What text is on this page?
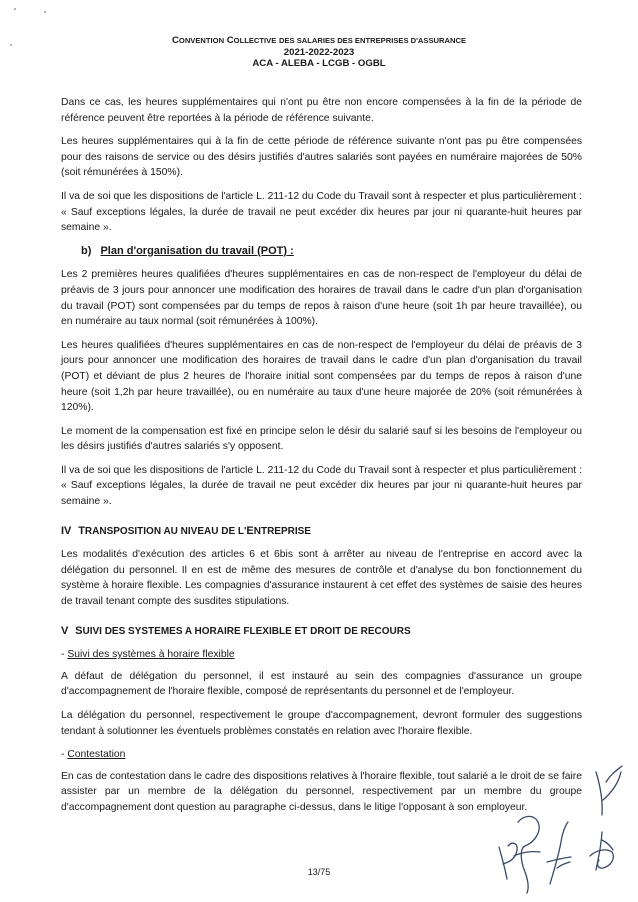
CONVENTION COLLECTIVE DES SALARIES DES ENTREPRISES D'ASSURANCE
2021-2022-2023
ACA - ALEBA - LCGB - OGBL

Dans ce cas, les heures supplémentaires qui n'ont pu être non encore compensées à la fin de la période de référence peuvent être reportées à la période de référence suivante.

Les heures supplémentaires qui à la fin de cette période de référence suivante n'ont pas pu être compensées pour des raisons de service ou des désirs justifiés d'autres salariés sont payées en numéraire majorées de 50% (soit rémunérées à 150%).

Il va de soi que les dispositions de l'article L. 211-12 du Code du Travail sont à respecter et plus particulièrement : « Sauf exceptions légales, la durée de travail ne peut excéder dix heures par jour ni quarante-huit heures par semaine ».

b) Plan d'organisation du travail (POT) :

Les 2 premières heures qualifiées d'heures supplémentaires en cas de non-respect de l'employeur du délai de préavis de 3 jours pour annoncer une modification des horaires de travail dans le cadre d'un plan d'organisation du travail (POT) sont compensées par du temps de repos à raison d'une heure (soit 1h par heure travaillée), ou en numéraire au taux normal (soit rémunérées à 100%).

Les heures qualifiées d'heures supplémentaires en cas de non-respect de l'employeur du délai de préavis de 3 jours pour annoncer une modification des horaires de travail dans le cadre d'un plan d'organisation du travail (POT) et déviant de plus 2 heures de l'horaire initial sont compensées par du temps de repos à raison d'une heure (soit 1,2h par heure travaillée), ou en numéraire au taux d'une heure majorée de 20% (soit rémunérées à 120%).

Le moment de la compensation est fixé en principe selon le désir du salarié sauf si les besoins de l'employeur ou les désirs justifiés d'autres salariés s'y opposent.

Il va de soi que les dispositions de l'article L. 211-12 du Code du Travail sont à respecter et plus particulièrement : « Sauf exceptions légales, la durée de travail ne peut excéder dix heures par jour ni quarante-huit heures par semaine ».

IV TRANSPOSITION AU NIVEAU DE L'ENTREPRISE

Les modalités d'exécution des articles 6 et 6bis sont à arrêter au niveau de l'entreprise en accord avec la délégation du personnel. Il en est de même des mesures de contrôle et d'analyse du bon fonctionnement du système à horaire flexible. Les compagnies d'assurance instaurent à cet effet des systèmes de saisie des heures de travail tenant compte des susdites stipulations.

V SUIVI DES SYSTEMES A HORAIRE FLEXIBLE ET DROIT DE RECOURS
- Suivi des systèmes à horaire flexible

A défaut de délégation du personnel, il est instauré au sein des compagnies d'assurance un groupe d'accompagnement de l'horaire flexible, composé de représentants du personnel et de l'employeur.

La délégation du personnel, respectivement le groupe d'accompagnement, devront formuler des suggestions tendant à solutionner les éventuels problèmes constatés en relation avec l'horaire flexible.

- Contestation

En cas de contestation dans le cadre des dispositions relatives à l'horaire flexible, tout salarié a le droit de se faire assister par un membre de la délégation du personnel, respectivement par un membre du groupe d'accompagnement dont question au paragraphe ci-dessus, dans le litige l'opposant à son employeur.

13/75
